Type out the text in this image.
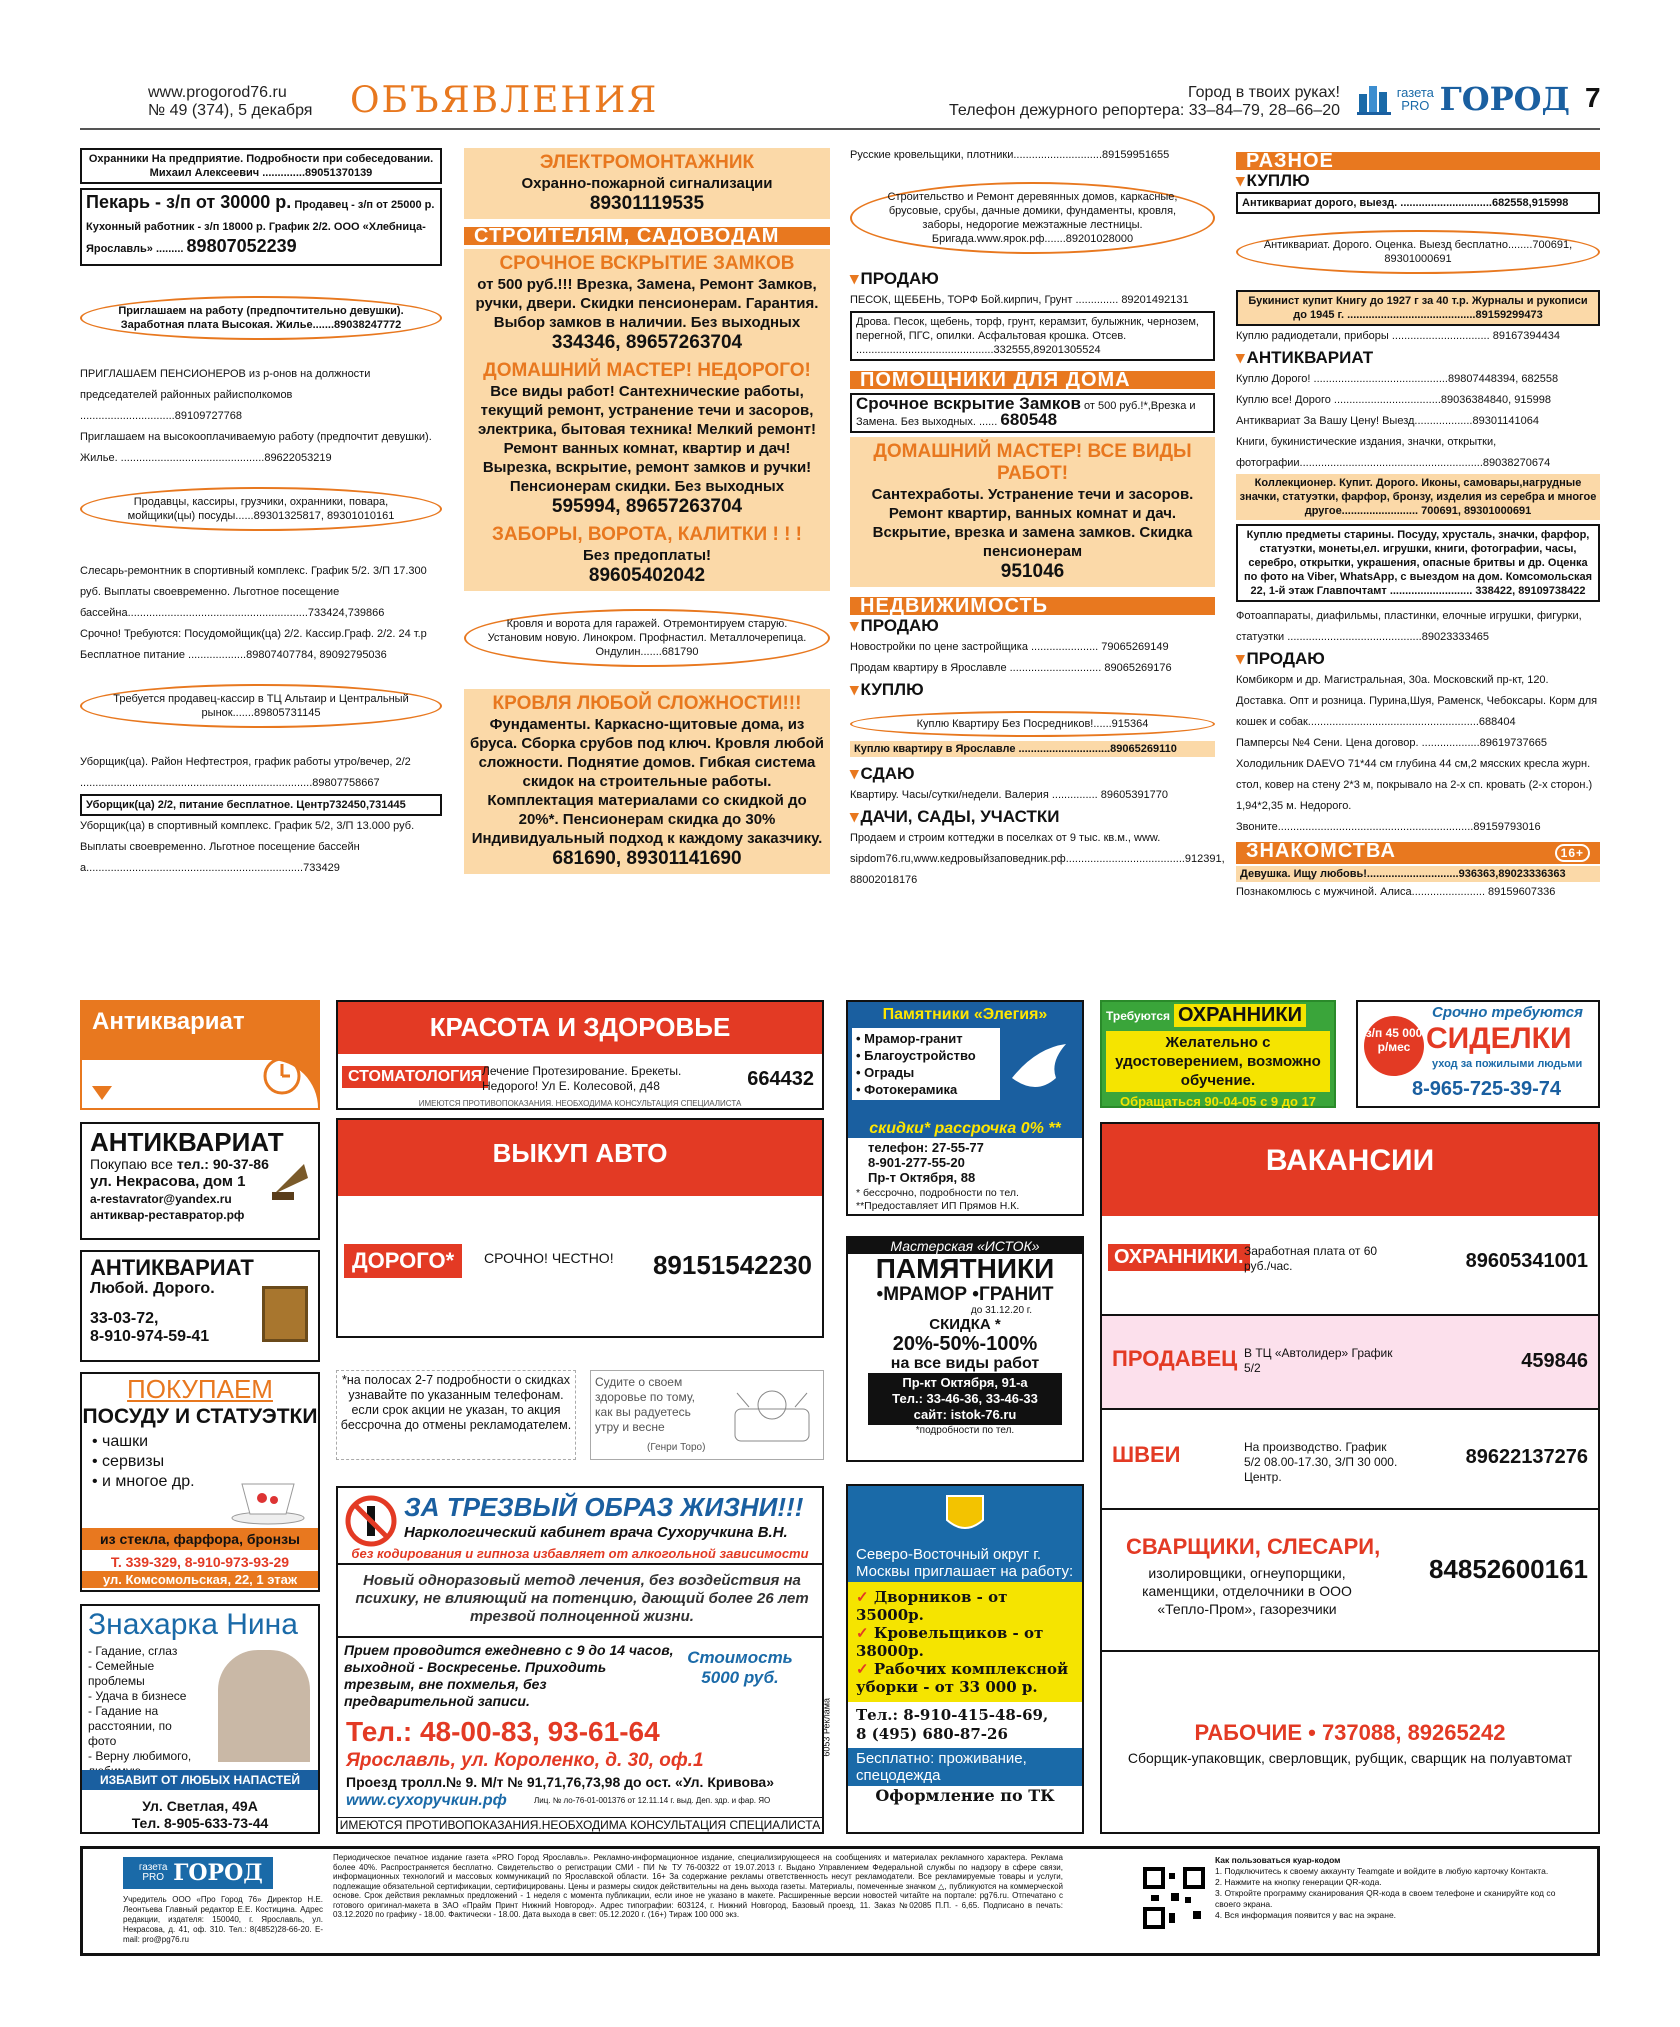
www.progorod76.ru
№ 49 (374), 5 декабря ОБЪЯВЛЕНИЯ	Город в твоих руках!
Телефон дежурного репортера: 33–84–79, 28–66–20
газета PRO ГОРОД 7
Охранники На предприятие. Подробности при собеседовании. Михаил Алексеевич ..............89051370139
Пекарь - з/п от 30000 р. Продавец - з/п от 25000 р. Кухонный работник - з/п 18000 р. График 2/2. ООО «Хлебница-Ярославль» ......... 89807052239
Приглашаем на работу (предпочтительно девушки). Заработная плата Высокая. Жилье.......89038247772
ПРИГЛАШАЕМ ПЕНСИОНЕРОВ из р-онов на должности председателей районных райисполкомов ...............................89109727768
Приглашаем на высокооплачиваемую работу (предпочтит девушки). Жилье. ...............................................89622053219
Продавцы, кассиры, грузчики, охранники, повара, мойщики(цы) посуды......89301325817, 89301010161
Слесарь-ремонтник в спортивный комплекс. График 5/2. 3/П 17.300 руб. Выплаты своевременно. Льготное посещение бассейна...........................................................733424,739866
Срочно! Требуются: Посудомойщик(ца) 2/2. Кассир.Граф. 2/2. 24 т.р Бесплатное питание ...................89807407784, 89092795036
Требуется продавец-кассир в ТЦ Альтаир и Центральный рынок.......89805731145
Уборщик(ца). Район Нефтестроя, график работы утро/вечер, 2/2 ............................................................................89807758667
Уборщик(ца) 2/2, питание бесплатное. Центр732450,731445
Уборщик(ца) в спортивный комплекс. График 5/2, 3/П 13.000 руб. Выплаты своевременно. Льготное посещение бассейн а.......................................................................733429
ЭЛЕКТРОМОНТАЖНИК
Охранно-пожарной сигнализации
89301119535
СТРОИТЕЛЯМ, САДОВОДАМ
СРОЧНОЕ ВСКРЫТИЕ ЗАМКОВ
от 500 руб.!!! Врезка, Замена, Ремонт Замков, ручки, двери. Скидки пенсионерам. Гарантия. Выбор замков в наличии. Без выходных
334346, 89657263704
ДОМАШНИЙ МАСТЕР! НЕДОРОГО!
Все виды работ! Сантехнические работы, текущий ремонт, устранение течи и засоров, электрика, бытовая техника! Мелкий ремонт! Ремонт ванных комнат, квартир и дач! Вырезка, вскрытие, ремонт замков и ручки! Пенсионерам скидки. Без выходных
595994, 89657263704
ЗАБОРЫ, ВОРОТА, КАЛИТКИ ! ! !
Без предоплаты!
89605402042
Кровля и ворота для гаражей. Отремонтируем старую. Установим новую. Линокром. Профнастил. Металлочерепица. Ондулин.......681790
КРОВЛЯ ЛЮБОЙ СЛОЖНОСТИ!!!
Фундаменты. Каркасно-щитовые дома, из бруса. Сборка срубов под ключ. Кровля любой сложности. Поднятие домов. Гибкая система скидок на строительные работы. Комплектация материалами со скидкой до 20%*. Пенсионерам скидка до 30% Индивидуальный подход к каждому заказчику.
681690, 89301141690
Русские кровельщики, плотники.............................89159951655
Строительство и Ремонт деревянных домов, каркасные, брусовые, срубы, дачные домики, фундаменты, кровля, заборы, недорогие межэтажные лестницы. Бригада.www.ярок.рф.......89201028000
▾ ПРОДАЮ
ПЕСОК, ЩЕБЕНЬ, ТОРФ Бой.кирпич, Грунт .............. 89201492131
Дрова. Песок, щебень, торф, грунт, керамзит, булыжник, чернозем, перегной, ПГС, опилки. Асфальтовая крошка. Отсев. .............................................332555,89201305524
ПОМОЩНИКИ ДЛЯ ДОМА
Срочное вскрытие Замков от 500 руб.!*,Врезка и Замена. Без выходных. ...... 680548
ДОМАШНИЙ МАСТЕР! ВСЕ ВИДЫ РАБОТ!
Сантехработы. Устранение течи и засоров. Ремонт квартир, ванных комнат и дач. Вскрытие, врезка и замена замков. Скидка пенсионерам
951046
НЕДВИЖИМОСТЬ
▾ ПРОДАЮ
Новостройки по цене застройщика ...................... 79065269149
Продам квартиру в Ярославле .............................. 89065269176
▾ КУПЛЮ
Куплю Квартиру Без Посредников!......915364
Куплю квартиру в Ярославле ..............................89065269110
▾ СДАЮ
Квартиру. Часы/сутки/недели. Валерия ............... 89605391770
▾ ДАЧИ, САДЫ, УЧАСТКИ
Продаем и строим коттеджи в поселках от 9 тыс. кв.м., www. sipdom76.ru,www.кедровыйзаповедник.рф.......................................912391, 88002018176
РАЗНОЕ
▾ КУПЛЮ
Антиквариат дорого, выезд. ..............................682558,915998
Антиквариат. Дорого. Оценка. Выезд бесплатно........700691, 89301000691
Букинист купит Книгу до 1927 г за 40 т.р. Журналы и рукописи до 1945 г. ..........................................89159299473
Куплю радиодетали, приборы ................................ 89167394434
▾ АНТИКВАРИАТ
Куплю Дорого! ............................................89807448394, 682558
Куплю все! Дорого ...................................89036384840, 915998
Антиквариат За Вашу Цену! Выезд...................89301141064
Книги, букинистические издания, значки, открытки, фотографии............................................................89038270674
Коллекционер. Купит. Дорого. Иконы, самовары,нагрудные значки, статуэтки, фарфор, бронзу, изделия из серебра и многое другое......................... 700691, 89301000691
Куплю предметы старины. Посуду, хрусталь, значки, фарфор, статуэтки, монеты,ел. игрушки, книги, фотографии, часы, серебро, открытки, украшения, опасные бритвы и др. Оценка по фото на Viber, WhatsApp, с выездом на дом. Комсомольская 22, 1-й этаж Главпочтамт ........................... 338422, 89109738422
Фотоаппараты, диафильмы, пластинки, елочные игрушки, фигурки, статуэтки ............................................89023333465
▾ ПРОДАЮ
Комбикорм и др. Магистральная, 30а. Московский пр-кт, 120. Доставка. Опт и розница. Пурина,Шуя, Раменск, Чебоксары. Корм для кошек и собак........................................................688404
Памперсы №4 Сени. Цена договор. ...................89619737665
Холодильник DAEVO 71*44 см глубина 44 см,2 мясских кресла журн. стол, ковер на стену 2*3 м, покрывало на 2-х сп. кровать (2-х сторон.) 1,94*2,35 м. Недорого. Звоните................................................................89159793016
ЗНАКОМСТВА	16+
Девушка. Ищу любовь!..............................936363,89023336363
Познакомлюсь с мужчиной. Алиса........................ 89159607336
Антиквариат
АНТИКВАРИАТ
Покупаю все тел.: 90-37-86
ул. Некрасова, дом 1
a-restavrator@yandex.ru
антиквар-реставратор.рф
АНТИКВАРИАТ
Любой. Дорого.
33-03-72,
8-910-974-59-41
ПОКУПАЕМ
ПОСУДУ И СТАТУЭТКИ
• чашки
• сервизы
• и многое др.
из стекла, фарфора, бронзы
Т. 339-329, 8-910-973-93-29
ул. Комсомольская, 22, 1 этаж
Знахарка Нина
- Гадание, сглаз
- Семейные проблемы
- Удача в бизнесе
- Гадание на расстоянии, по фото
- Верну любимого,
ИЗБАВИТ ОТ ЛЮБЫХ НАПАСТЕЙ
Ул. Светлая, 49А
Тел. 8-905-633-73-44
КРАСОТА И ЗДОРОВЬЕ
СТОМАТОЛОГИЯ Лечение Протезирование. Брекеты. Недорого! Ул Е. Колесовой, д48	664432
ИМЕЮТСЯ ПРОТИВОПОКАЗАНИЯ. НЕОБХОДИМА КОНСУЛЬТАЦИЯ СПЕЦИАЛИСТА
ВЫКУП АВТО
ДОРОГО*	СРОЧНО! ЧЕСТНО! 89151542230
*на полосах 2-7 подробности о скидках узнавайте по указанным телефонам. если срок акции не указан, то акция бессрочна до отмены рекламодателем.
Судите о своем здоровье по тому, как вы радуетесь утру и весне
(Генри Торо)
ЗА ТРЕЗВЫЙ ОБРАЗ ЖИЗНИ!!!
Наркологический кабинет врача Сухоручкина В.Н.
без кодирования и гипноза избавляет от алкогольной зависимости
Новый одноразовый метод лечения, без воздействия на психику, не влияющий на потенцию, дающий более 26 лет трезвой полноценной жизни.
Прием проводится ежедневно с 9 до 14 часов, выходной - Воскресенье. Приходить трезвым, вне похмелья, без предварительной записи.
Стоимость 5000 руб.
Тел.: 48-00-83, 93-61-64
Ярославль, ул. Короленко, д. 30, оф.1
Проезд тролл.№ 9. М/т № 91,71,76,73,98 до ост. «Ул. Кривова»
www.сухоручкин.рф	Лиц. № ло-76-01-001376 от 12.11.14 г. выд. Деп. здр. и фар. ЯО
ИМЕЮТСЯ ПРОТИВОПОКАЗАНИЯ.НЕОБХОДИМА КОНСУЛЬТАЦИЯ СПЕЦИАЛИСТА
6053 Реклама
Памятники «Элегия»
• Мрамор-гранит
• Благоустройство
• Ограды
• Фотокерамика
скидки* рассрочка 0% **
телефон: 27-55-77
8-901-277-55-20
Пр-т Октября, 88
* бессрочно, подробности по тел.
**Предоставляет ИП Прямов Н.К.
Мастерская «ИСТОК»
ПАМЯТНИКИ
•МРАМОР •ГРАНИТ
до 31.12.20 г.
СКИДКА *
20%-50%-100%
на все виды работ
Пр-кт Октября, 91-а
Тел.: 33-46-36, 33-46-33
сайт: istok-76.ru
*подробности по тел.
Северо-Восточный округ г. Москвы приглашает на работу:
✓ Дворников - от 35000р.
✓ Кровельщиков - от 38000р.
✓ Рабочих комплексной уборки - от 33 000 р.
Тел.: 8-910-415-48-69,
8 (495) 680-87-26
Бесплатно: проживание, спецодежда
Оформление по ТК
Требуются ОХРАННИКИ
Желательно с удостоверением, возможно обучение.
Обращаться 90-04-05 с 9 до 17
з/п 45 000 р/мес
Срочно требуются
СИДЕЛКИ
уход за пожилыми людьми
8-965-725-39-74
ВАКАНСИИ
ОХРАННИКИ. Заработная плата от 60 руб./час.	89605341001
ПРОДАВЕЦ В ТЦ «Автолидер» График 5/2	459846
ШВЕИ	На производство. График 5/2 08.00-17.30, З/П 30 000. Центр.
89622137276
СВАРЩИКИ, СЛЕСАРИ,
изолировщики, огнеупорщики, каменщики, отделочники в ООО «Тепло-Пром», газорезчики
84852600161
РАБОЧИЕ • 737088, 89265242
Сборщик-упаковщик, сверловщик, рубщик, сварщик на полуавтомат
газета PRO ГОРОД
Учредитель ООО «Про Город 76» Директор Н.Е. Леонтьева Главный редактор Е.Е. Костицина. Адрес редакции, издателя: 150040, г. Ярославль, ул. Некрасова, д. 41, оф. 310. Тел.: 8(4852)28-66-20. E-mail: pro@pg76.ru
Периодическое печатное издание газета «PRO Город Ярославль». Рекламно-информационное издание, специализирующееся на сообщениях и материалах рекламного характера. Реклама более 40%. Распространяется бесплатно. Свидетельство о регистрации СМИ - ПИ № ТУ 76-00322 от 19.07.2013 г. Выдано Управлением Федеральной службы по надзору в сфере связи, информационных технологий и массовых коммуникаций по Ярославской области. 16+ За содержание рекламы ответственность несут рекламодатели. Все рекламируемые товары и услуги, подлежащие обязательной сертификации, сертифицированы. Цены и размеры скидок действительны на день выхода газеты. Материалы, помеченные значком △, публикуются на коммерческой основе. Срок действия рекламных предложений - 1 неделя с момента публикации, если иное не указано в макете. Расширенные версии новостей читайте на портале: pg76.ru. Отпечатано с готового оригинал-макета в ЗАО «Прайм Принт Нижний Новгород». Адрес типографии: 603124, г. Нижний Новгород, Базовый проезд, 11. Заказ №02085 П.П. - 6,65. Подписано в печать: 03.12.2020 по графику - 18.00. Фактически - 18.00. Дата выхода в свет: 05.12.2020 г. (16+) Тираж 100 000 экз.
Как пользоваться куар-кодом
1. Подключитесь к своему аккаунту Teamgate и войдите в любую карточку Контакта.
2. Нажмите на кнопку генерации QR-кода.
3. Откройте программу сканирования QR-кода в своем телефоне и сканируйте код со своего экрана.
4. Вся информация появится у вас на экране.
